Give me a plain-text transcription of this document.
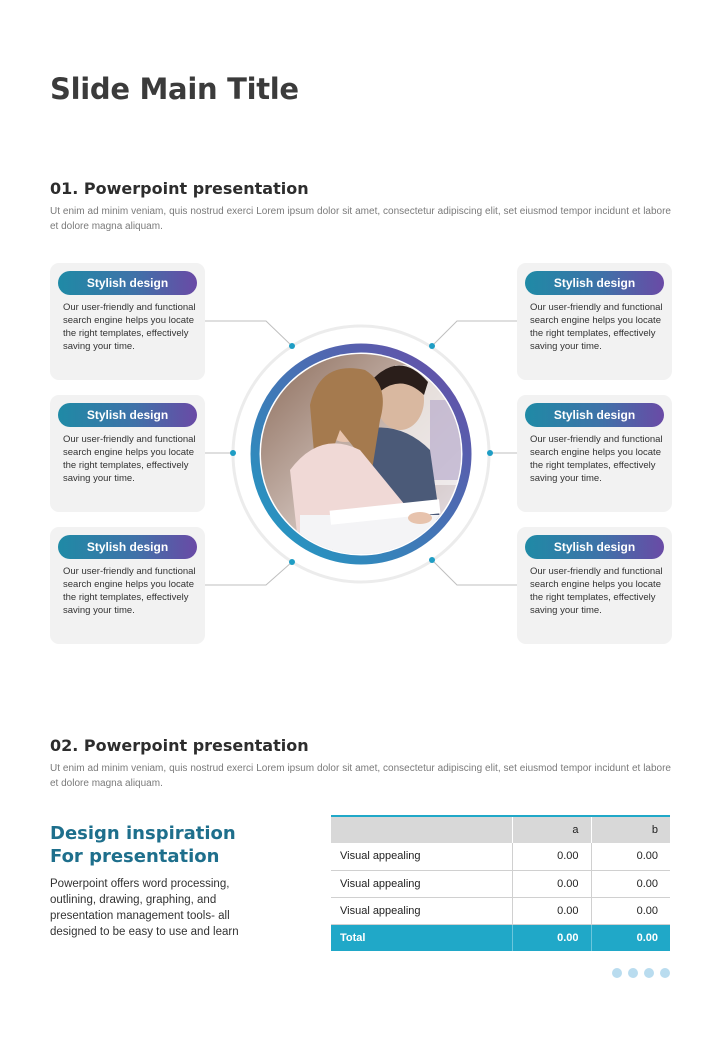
Slide Main Title
01. Powerpoint presentation
Ut enim ad minim veniam, quis nostrud exerci Lorem ipsum dolor sit amet, consectetur adipiscing elit, set eiusmod tempor incidunt et labore et dolore magna aliquam.
Stylish design
Our user-friendly and functional search engine helps you locate the right templates, effectively saving your time.
Stylish design
Our user-friendly and functional search engine helps you locate the right templates, effectively saving your time.
Stylish design
Our user-friendly and functional search engine helps you locate the right templates, effectively saving your time.
Stylish design
Our user-friendly and functional search engine helps you locate the right templates, effectively saving your time.
Stylish design
Our user-friendly and functional search engine helps you locate the right templates, effectively saving your time.
Stylish design
Our user-friendly and functional search engine helps you locate the right templates, effectively saving your time.
02. Powerpoint presentation
Ut enim ad minim veniam, quis nostrud exerci Lorem ipsum dolor sit amet, consectetur adipiscing elit, set eiusmod tempor incidunt et labore et dolore magna aliquam.
Design inspiration
For presentation
Powerpoint offers word processing, outlining, drawing, graphing, and presentation management tools- all designed to be easy to use and learn
	a	b
Visual appealing	0.00	0.00
Visual appealing	0.00	0.00
Visual appealing	0.00	0.00
Total	0.00	0.00
